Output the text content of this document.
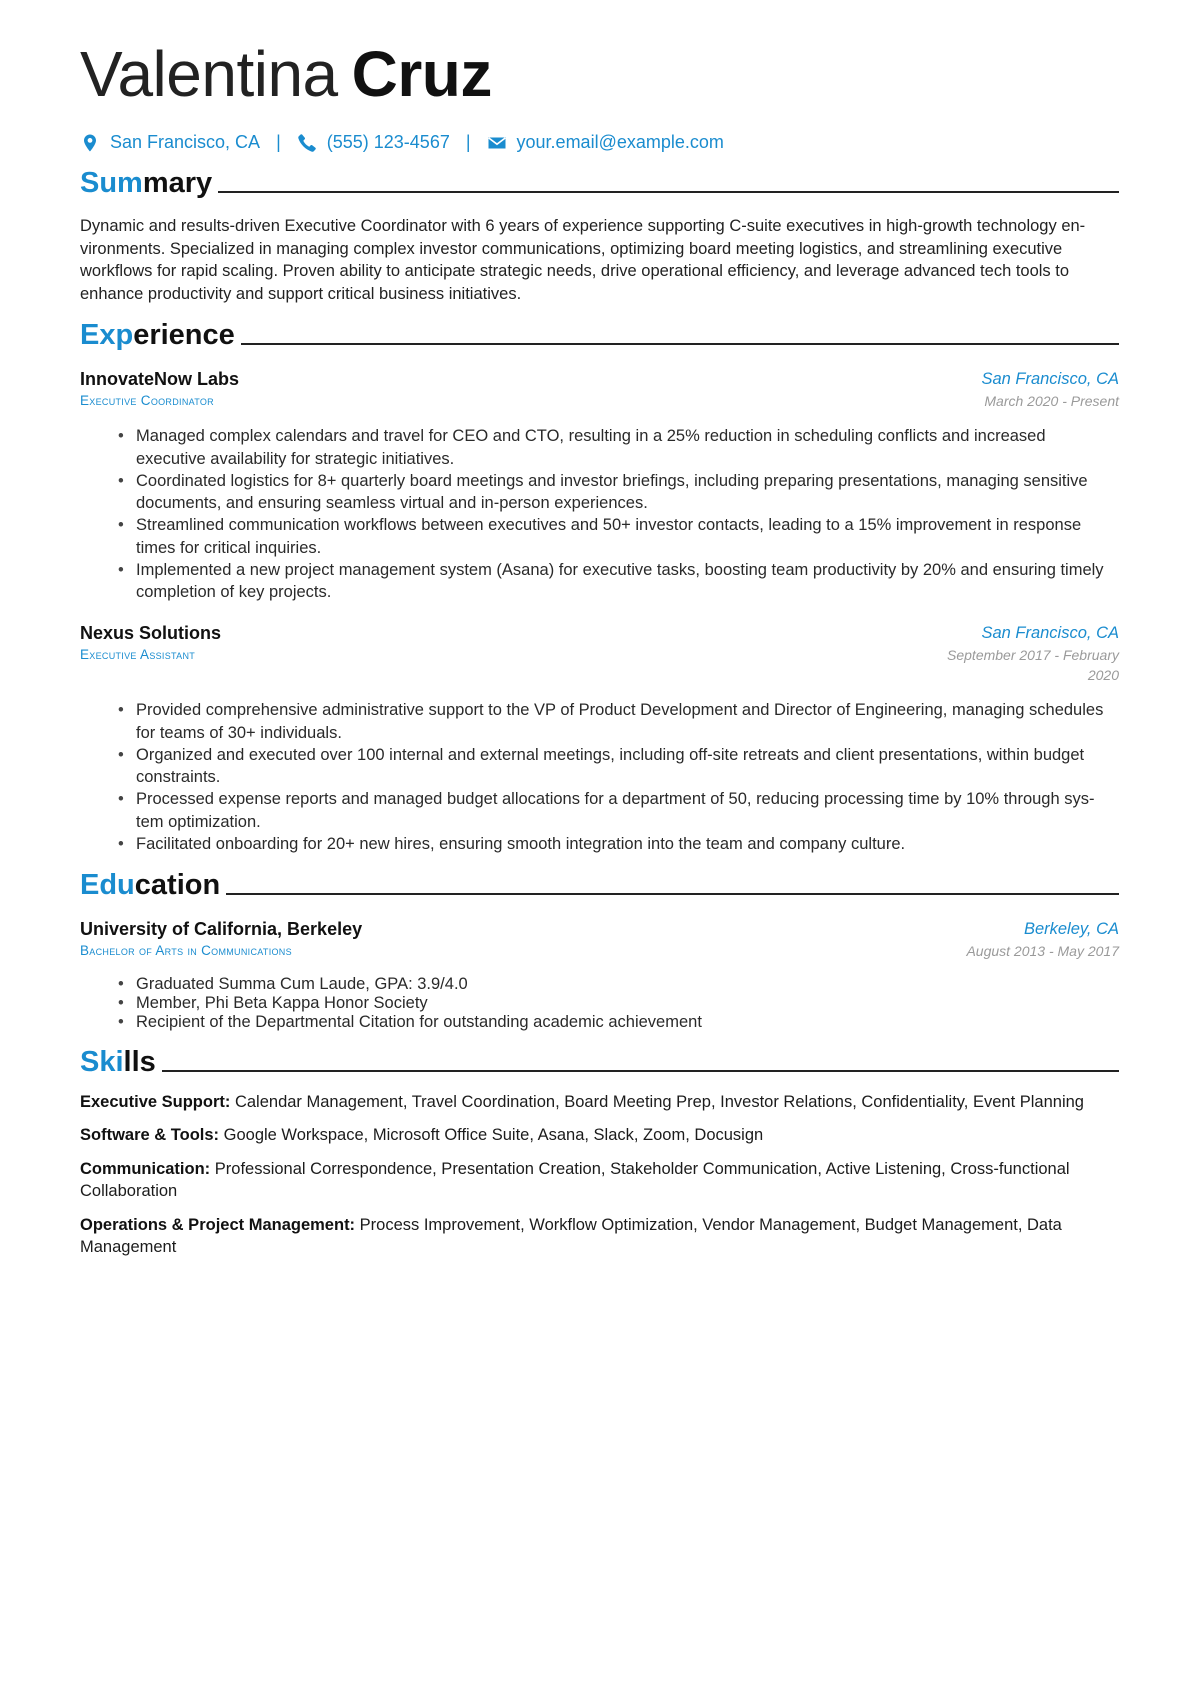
Valentina Cruz
San Francisco, CA |	(555) 123-4567 |	your.email@example.com
Summary

Dynamic and results-driven Executive Coordinator with 6 years of experience supporting C-suite executives in high-growth technology en-vironments. Specialized in managing complex investor communications, optimizing board meeting logistics, and streamlining executive workflows for rapid scaling. Proven ability to anticipate strategic needs, drive operational efficiency, and leverage advanced tech tools to enhance productivity and support critical business initiatives.

Experience
InnovateNow Labs	San Francisco, CA
Executive Coordinator	March 2020 - Present
• Managed complex calendars and travel for CEO and CTO, resulting in a 25% reduction in scheduling conflicts and increased executive availability for strategic initiatives.
• Coordinated logistics for 8+ quarterly board meetings and investor briefings, including preparing presentations, managing sensitive documents, and ensuring seamless virtual and in-person experiences.
• Streamlined communication workflows between executives and 50+ investor contacts, leading to a 15% improvement in response times for critical inquiries.
• Implemented a new project management system (Asana) for executive tasks, boosting team productivity by 20% and ensuring timely completion of key projects.
Nexus Solutions	San Francisco, CA
Executive Assistant	September 2017 - February 2020
• Provided comprehensive administrative support to the VP of Product Development and Director of Engineering, managing schedules for teams of 30+ individuals.
• Organized and executed over 100 internal and external meetings, including off-site retreats and client presentations, within budget constraints.
• Processed expense reports and managed budget allocations for a department of 50, reducing processing time by 10% through sys-tem optimization.
• Facilitated onboarding for 20+ new hires, ensuring smooth integration into the team and company culture.
Education
University of California, Berkeley	Berkeley, CA
Bachelor of Arts in Communications	August 2013 - May 2017
• Graduated Summa Cum Laude, GPA: 3.9/4.0
• Member, Phi Beta Kappa Honor Society
• Recipient of the Departmental Citation for outstanding academic achievement
Skills
Executive Support: Calendar Management, Travel Coordination, Board Meeting Prep, Investor Relations, Confidentiality, Event Planning
Software & Tools: Google Workspace, Microsoft Office Suite, Asana, Slack, Zoom, Docusign
Communication: Professional Correspondence, Presentation Creation, Stakeholder Communication, Active Listening, Cross-functional Collaboration
Operations & Project Management: Process Improvement, Workflow Optimization, Vendor Management, Budget Management, Data Management
